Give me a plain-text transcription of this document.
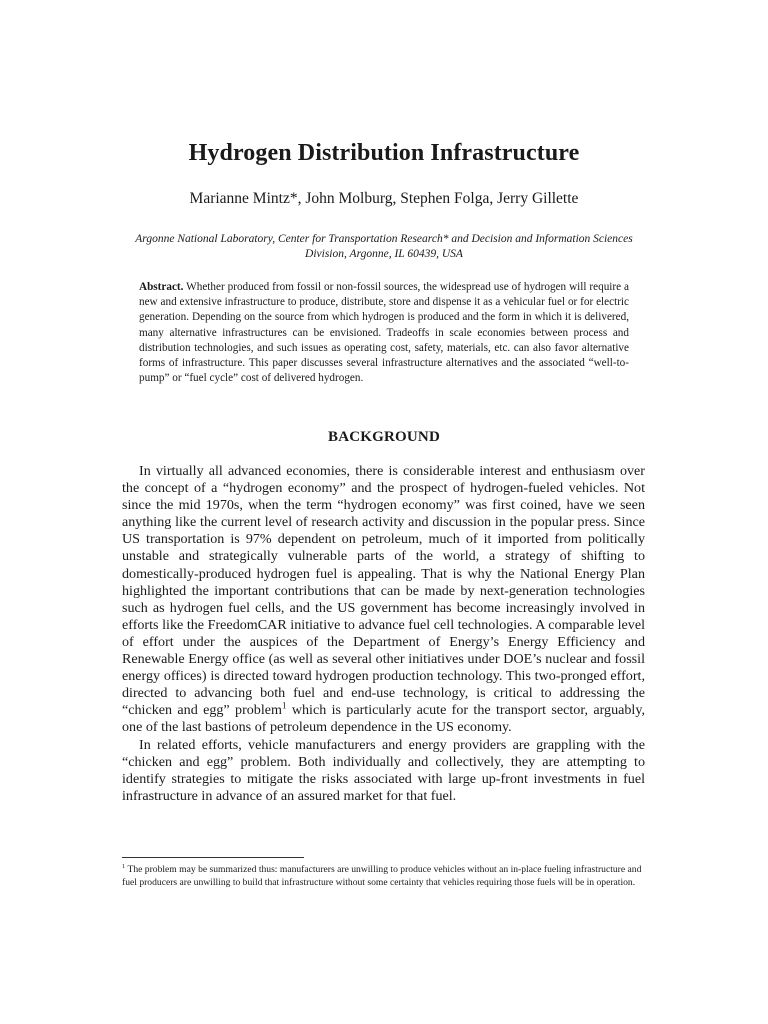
Hydrogen Distribution Infrastructure
Marianne Mintz*, John Molburg, Stephen Folga, Jerry Gillette
Argonne National Laboratory, Center for Transportation Research* and Decision and Information Sciences Division, Argonne, IL 60439, USA
Abstract. Whether produced from fossil or non-fossil sources, the widespread use of hydrogen will require a new and extensive infrastructure to produce, distribute, store and dispense it as a vehicular fuel or for electric generation. Depending on the source from which hydrogen is produced and the form in which it is delivered, many alternative infrastructures can be envisioned. Tradeoffs in scale economies between process and distribution technologies, and such issues as operating cost, safety, materials, etc. can also favor alternative forms of infrastructure. This paper discusses several infrastructure alternatives and the associated “well-to-pump” or “fuel cycle” cost of delivered hydrogen.
BACKGROUND

In virtually all advanced economies, there is considerable interest and enthusiasm over the concept of a “hydrogen economy” and the prospect of hydrogen-fueled vehicles. Not since the mid 1970s, when the term “hydrogen economy” was first coined, have we seen anything like the current level of research activity and discussion in the popular press. Since US transportation is 97% dependent on petroleum, much of it imported from politically unstable and strategically vulnerable parts of the world, a strategy of shifting to domestically-produced hydrogen fuel is appealing. That is why the National Energy Plan highlighted the important contributions that can be made by next-generation technologies such as hydrogen fuel cells, and the US government has become increasingly involved in efforts like the FreedomCAR initiative to advance fuel cell technologies. A comparable level of effort under the auspices of the Department of Energy’s Energy Efficiency and Renewable Energy office (as well as several other initiatives under DOE’s nuclear and fossil energy offices) is directed toward hydrogen production technology. This two-pronged effort, directed to advancing both fuel and end-use technology, is critical to addressing the “chicken and egg” problem$^1$ which is particularly acute for the transport sector, arguably, one of the last bastions of petroleum dependence in the US economy.

In related efforts, vehicle manufacturers and energy providers are grappling with the “chicken and egg” problem. Both individually and collectively, they are attempting to identify strategies to mitigate the risks associated with large up-front investments in fuel infrastructure in advance of an assured market for that fuel.

$^1$ The problem may be summarized thus: manufacturers are unwilling to produce vehicles without an in-place fueling infrastructure and fuel producers are unwilling to build that infrastructure without some certainty that vehicles requiring those fuels will be in operation.
